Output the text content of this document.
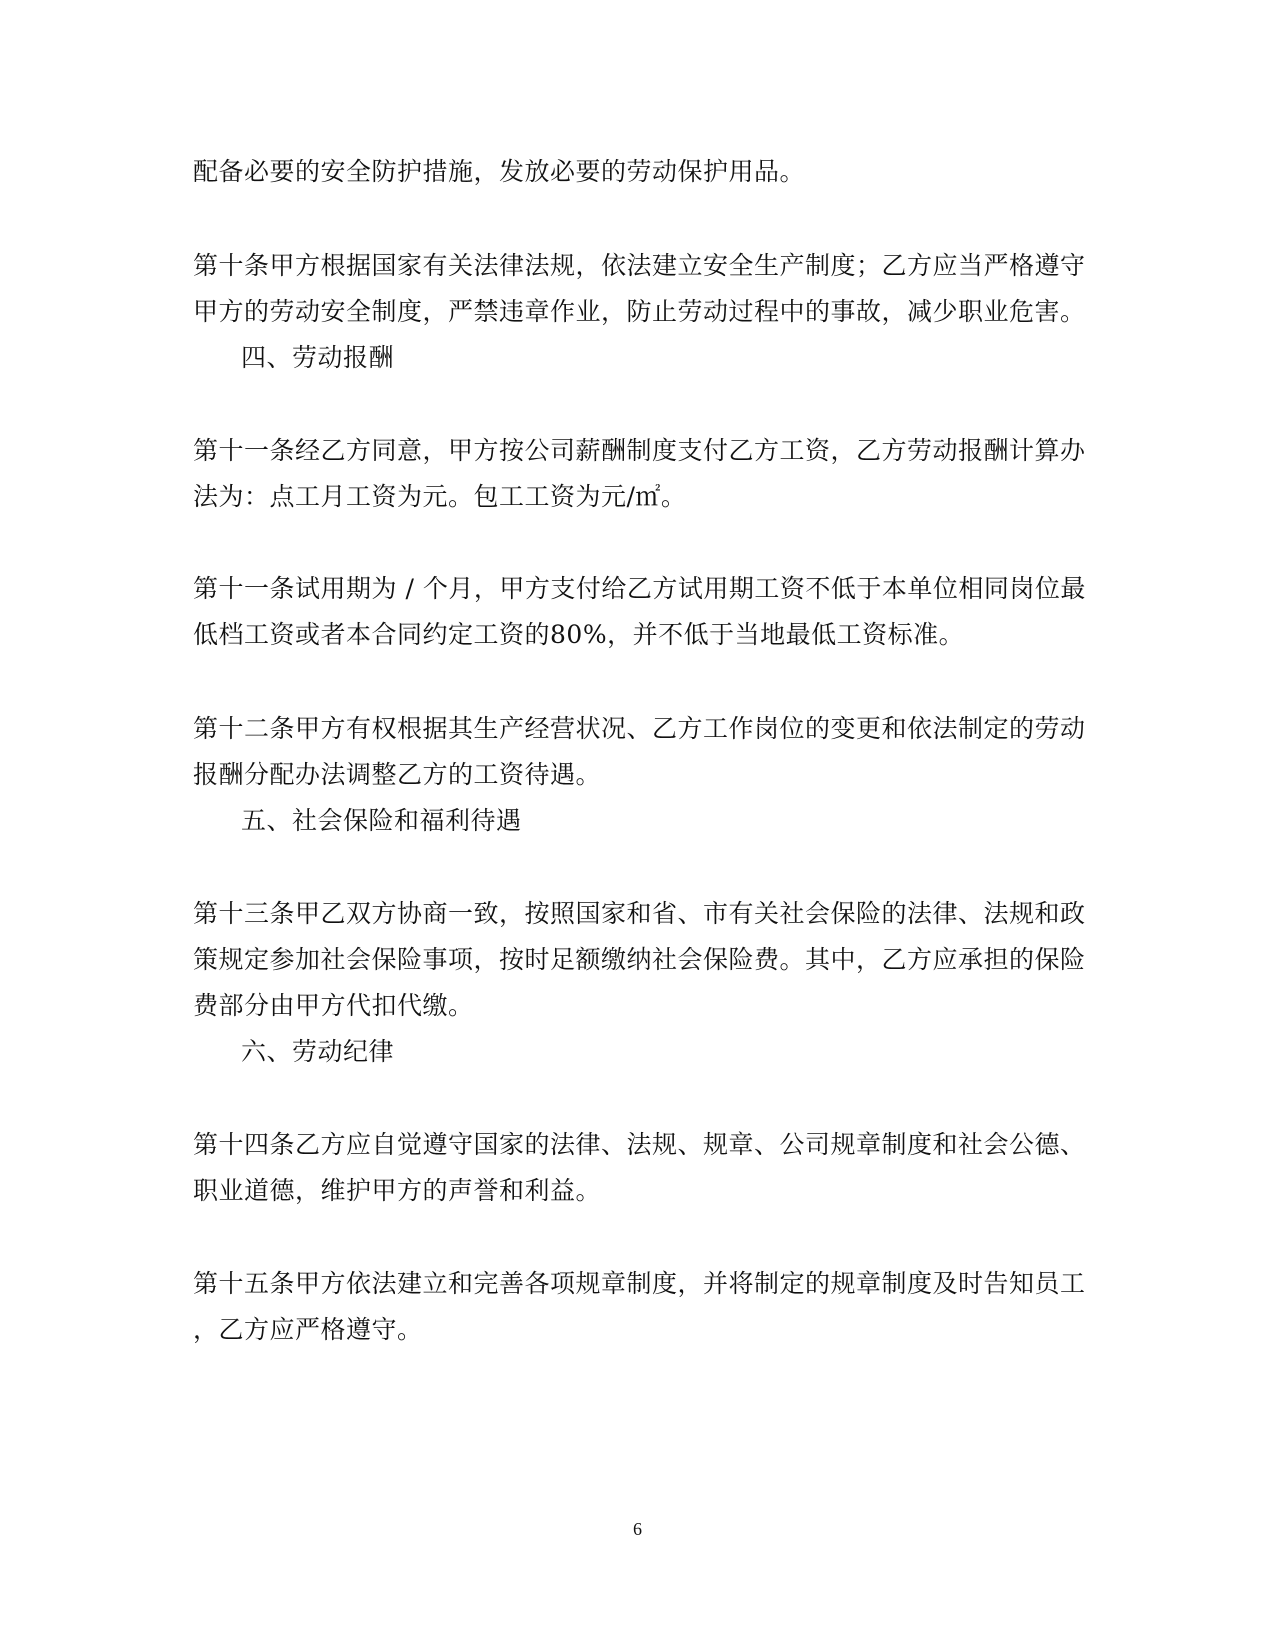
配备必要的安全防护措施，发放必要的劳动保护用品。
第十条甲方根据国家有关法律法规，依法建立安全生产制度；乙方应当严格遵守
甲方的劳动安全制度，严禁违章作业，防止劳动过程中的事故，减少职业危害。
四、劳动报酬
第十一条经乙方同意，甲方按公司薪酬制度支付乙方工资，乙方劳动报酬计算办
法为：点工月工资为元。包工工资为元/㎡。
第十一条试用期为 / 个月，甲方支付给乙方试用期工资不低于本单位相同岗位最
低档工资或者本合同约定工资的80%，并不低于当地最低工资标准。
第十二条甲方有权根据其生产经营状况、乙方工作岗位的变更和依法制定的劳动
报酬分配办法调整乙方的工资待遇。
五、社会保险和福利待遇
第十三条甲乙双方协商一致，按照国家和省、市有关社会保险的法律、法规和政
策规定参加社会保险事项，按时足额缴纳社会保险费。其中，乙方应承担的保险
费部分由甲方代扣代缴。
六、劳动纪律
第十四条乙方应自觉遵守国家的法律、法规、规章、公司规章制度和社会公德、
职业道德，维护甲方的声誉和利益。
第十五条甲方依法建立和完善各项规章制度，并将制定的规章制度及时告知员工
，乙方应严格遵守。
6
